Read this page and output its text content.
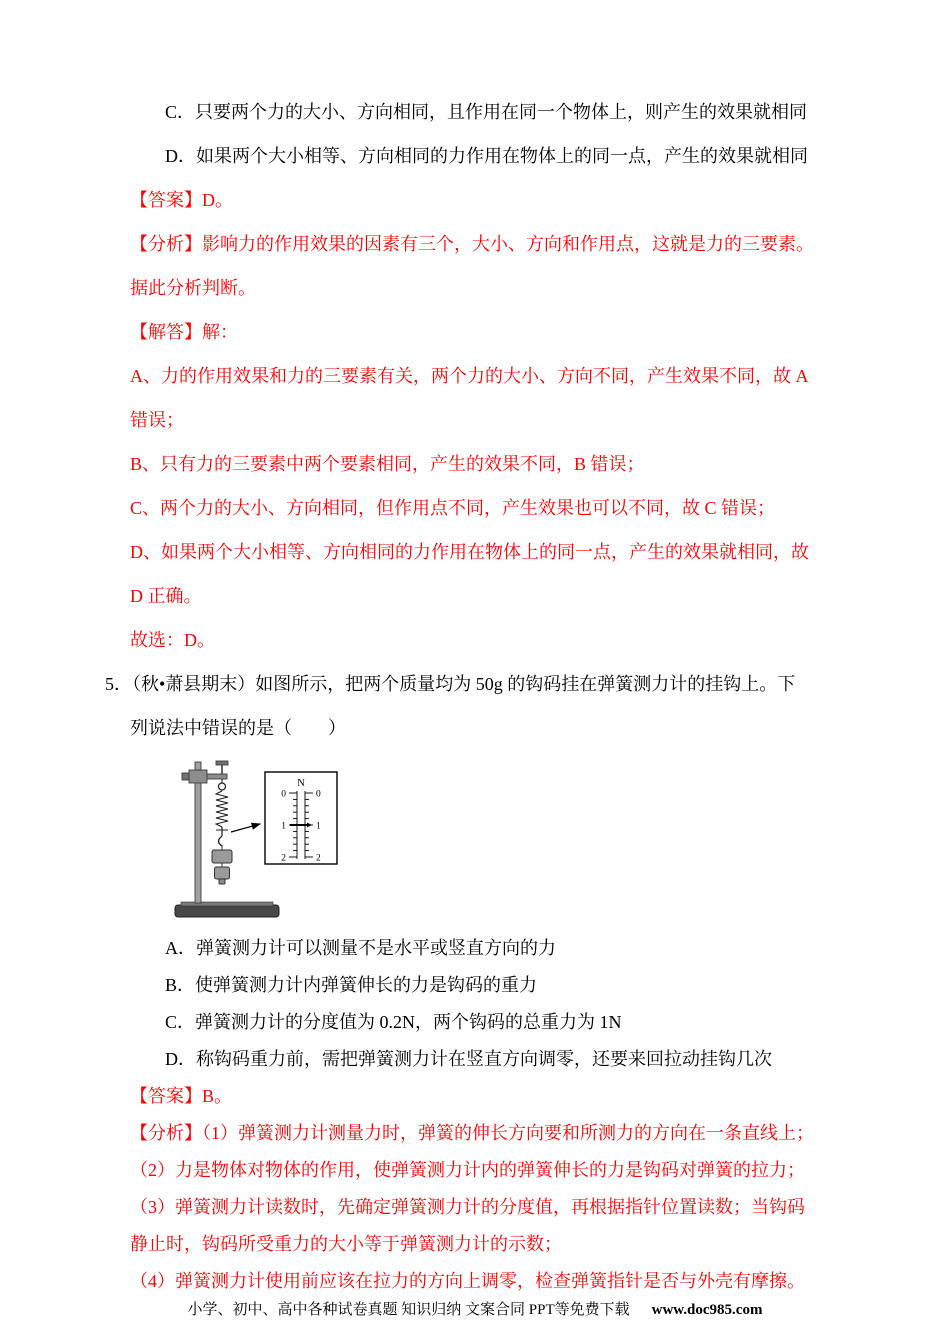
C．只要两个力的大小、方向相同，且作用在同一个物体上，则产生的效果就相同
D．如果两个大小相等、方向相同的力作用在物体上的同一点，产生的效果就相同
【答案】D。
【分析】影响力的作用效果的因素有三个，大小、方向和作用点，这就是力的三要素。
据此分析判断。
【解答】解：
A、力的作用效果和力的三要素有关，两个力的大小、方向不同，产生效果不同，故 A
错误；
B、只有力的三要素中两个要素相同，产生的效果不同，B 错误；
C、两个力的大小、方向相同，但作用点不同，产生效果也可以不同，故 C 错误；
D、如果两个大小相等、方向相同的力作用在物体上的同一点，产生的效果就相同，故
D 正确。
故选：D。
5．（秋•萧县期末）如图所示，把两个质量均为 50g 的钩码挂在弹簧测力计的挂钩上。下
列说法中错误的是（　　）
N
0
1
2
0
1
2
A．弹簧测力计可以测量不是水平或竖直方向的力
B．使弹簧测力计内弹簧伸长的力是钩码的重力
C．弹簧测力计的分度值为 0.2N，两个钩码的总重力为 1N
D．称钩码重力前，需把弹簧测力计在竖直方向调零，还要来回拉动挂钩几次
【答案】B。
【分析】（1）弹簧测力计测量力时，弹簧的伸长方向要和所测力的方向在一条直线上；
（2）力是物体对物体的作用，使弹簧测力计内的弹簧伸长的力是钩码对弹簧的拉力；
（3）弹簧测力计读数时，先确定弹簧测力计的分度值，再根据指针位置读数；当钩码
静止时，钩码所受重力的大小等于弹簧测力计的示数；
（4）弹簧测力计使用前应该在拉力的方向上调零，检查弹簧指针是否与外壳有摩擦。
小学、初中、高中各种试卷真题 知识归纳 文案合同 PPT等免费下载 www.doc985.com
